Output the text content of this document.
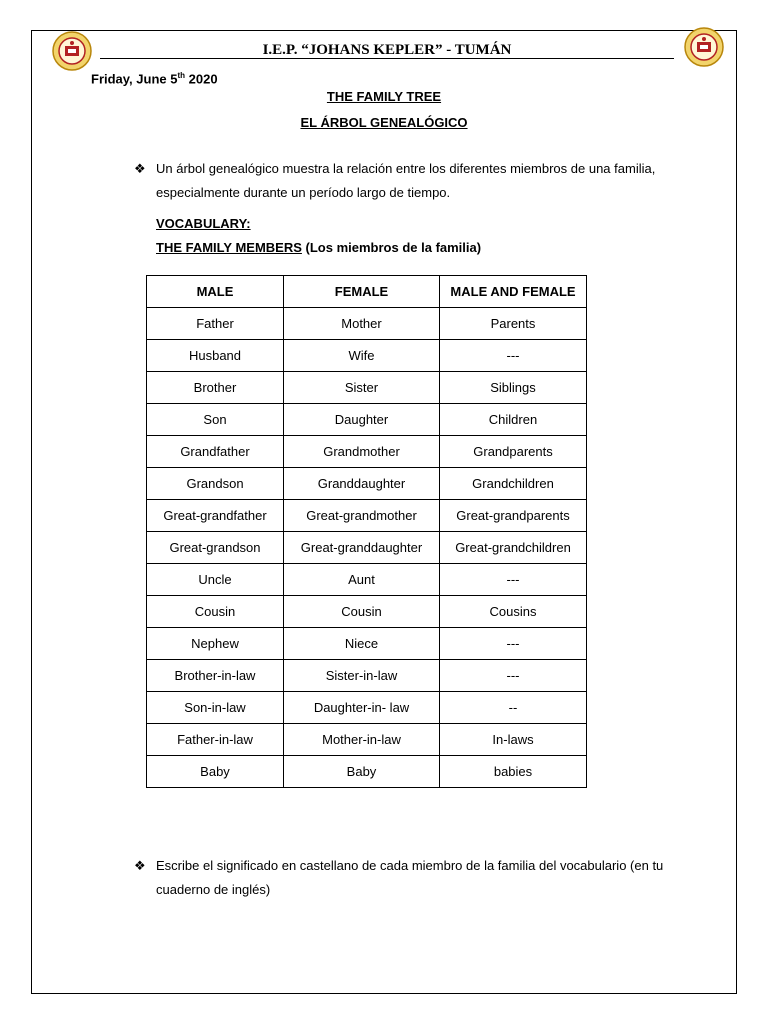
I.E.P. “JOHANS KEPLER” - TUMÁN
Friday, June 5th 2020
THE FAMILY TREE
EL ÁRBOL GENEALÓGICO
❖ Un árbol genealógico muestra la relación entre los diferentes miembros de una familia, especialmente durante un período largo de tiempo.
VOCABULARY:
THE FAMILY MEMBERS (Los miembros de la familia)
MALE	FEMALE	MALE AND FEMALE
Father	Mother	Parents
Husband	Wife	---
Brother	Sister	Siblings
Son	Daughter	Children
Grandfather	Grandmother	Grandparents
Grandson	Granddaughter	Grandchildren
Great-grandfather	Great-grandmother	Great-grandparents
Great-grandson	Great-granddaughter	Great-grandchildren
Uncle	Aunt	---
Cousin	Cousin	Cousins
Nephew	Niece	---
Brother-in-law	Sister-in-law	---
Son-in-law	Daughter-in- law	--
Father-in-law	Mother-in-law	In-laws
Baby	Baby	babies
❖ Escribe el significado en castellano de cada miembro de la familia del vocabulario (en tu cuaderno de inglés)
